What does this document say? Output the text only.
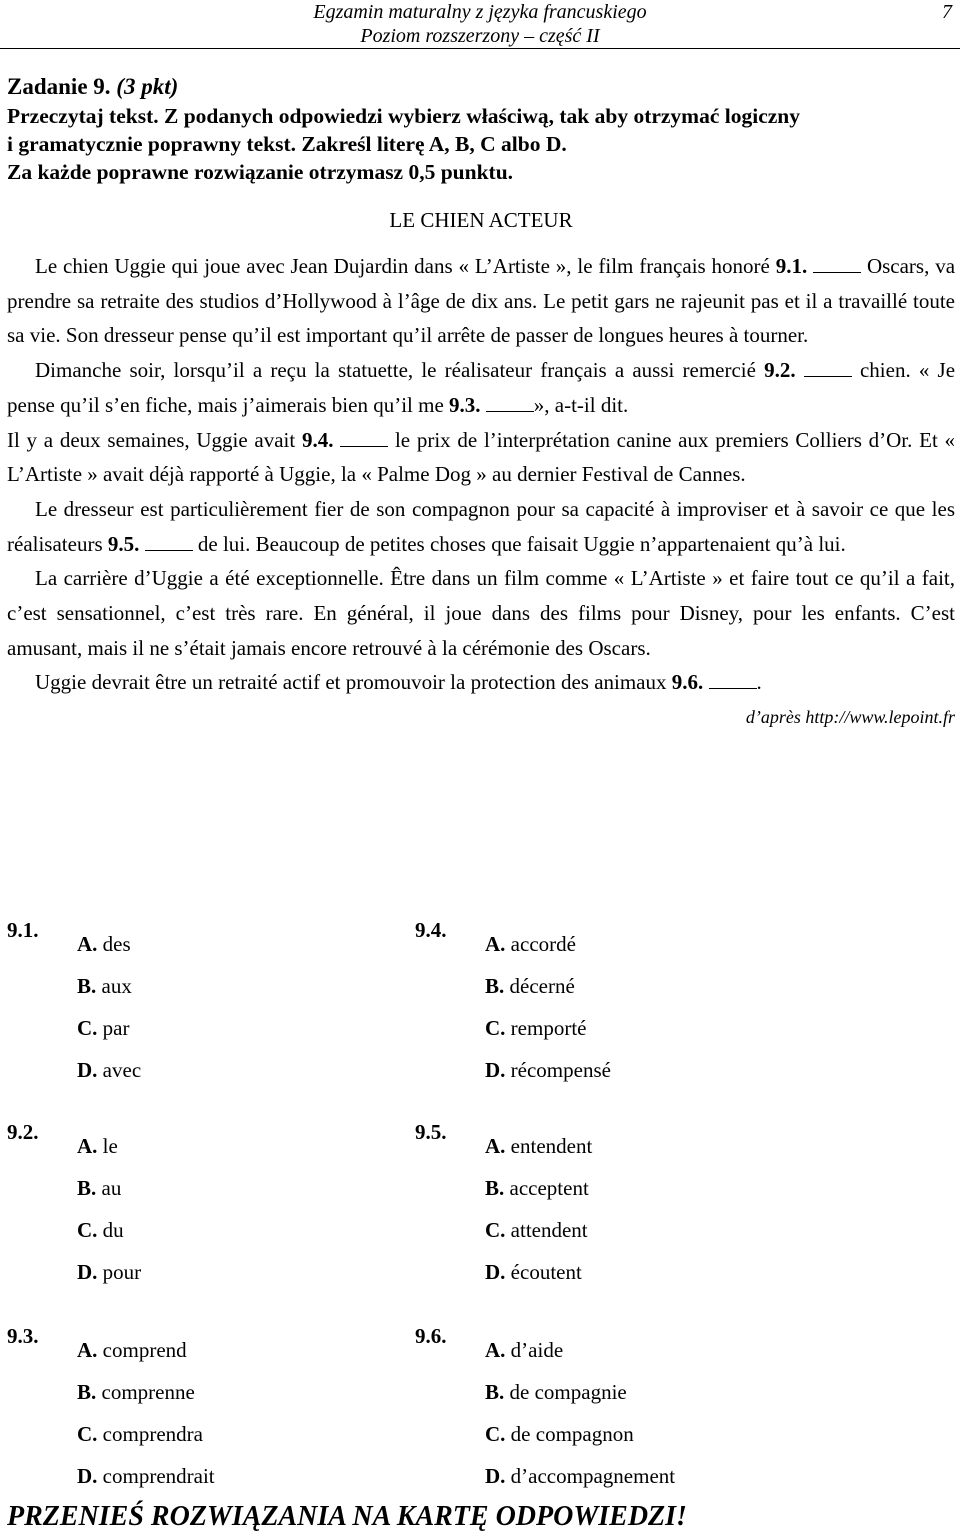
Egzamin maturalny z języka francuskiego
Poziom rozszerzony – część II
7
Zadanie 9. (3 pkt)
Przeczytaj tekst. Z podanych odpowiedzi wybierz właściwą, tak aby otrzymać logiczny
i gramatycznie poprawny tekst. Zakreśl literę A, B, C albo D.
Za każde poprawne rozwiązanie otrzymasz 0,5 punktu.
LE CHIEN ACTEUR

Le chien Uggie qui joue avec Jean Dujardin dans « L’Artiste », le film français honoré 9.1.	Oscars, va prendre sa retraite des studios d’Hollywood à l’âge de dix ans. Le petit gars ne rajeunit pas et il a travaillé toute sa vie. Son dresseur pense qu’il est important qu’il arrête de passer de longues heures à tourner.

Dimanche soir, lorsqu’il a reçu la statuette, le réalisateur français a aussi remercié 9.2.	chien. « Je pense qu’il s’en fiche, mais j’aimerais bien qu’il me 9.3.	», a-t-il dit.

Il y a deux semaines, Uggie avait 9.4.	le prix de l’interprétation canine aux premiers Colliers d’Or. Et « L’Artiste » avait déjà rapporté à Uggie, la « Palme Dog » au dernier Festival de Cannes.

Le dresseur est particulièrement fier de son compagnon pour sa capacité à improviser et à savoir ce que les réalisateurs 9.5.	de lui. Beaucoup de petites choses que faisait Uggie n’appartenaient qu’à lui.

La carrière d’Uggie a été exceptionnelle. Être dans un film comme « L’Artiste » et faire tout ce qu’il a fait, c’est sensationnel, c’est très rare. En général, il joue dans des films pour Disney, pour les enfants. C’est amusant, mais il ne s’était jamais encore retrouvé à la cérémonie des Oscars.

Uggie devrait être un retraité actif et promouvoir la protection des animaux 9.6.	.

d’après http://www.lepoint.fr
9.1.
A. des
B. aux
C. par
D. avec
9.4.
A. accordé
B. décerné
C. remporté
D. récompensé
9.2.
A. le
B. au
C. du
D. pour
9.5.
A. entendent
B. acceptent
C. attendent
D. écoutent
9.3.
A. comprend
B. comprenne
C. comprendra
D. comprendrait
9.6.
A. d’aide
B. de compagnie
C. de compagnon
D. d’accompagnement
PRZENIEŚ ROZWIĄZANIA NA KARTĘ ODPOWIEDZI!
